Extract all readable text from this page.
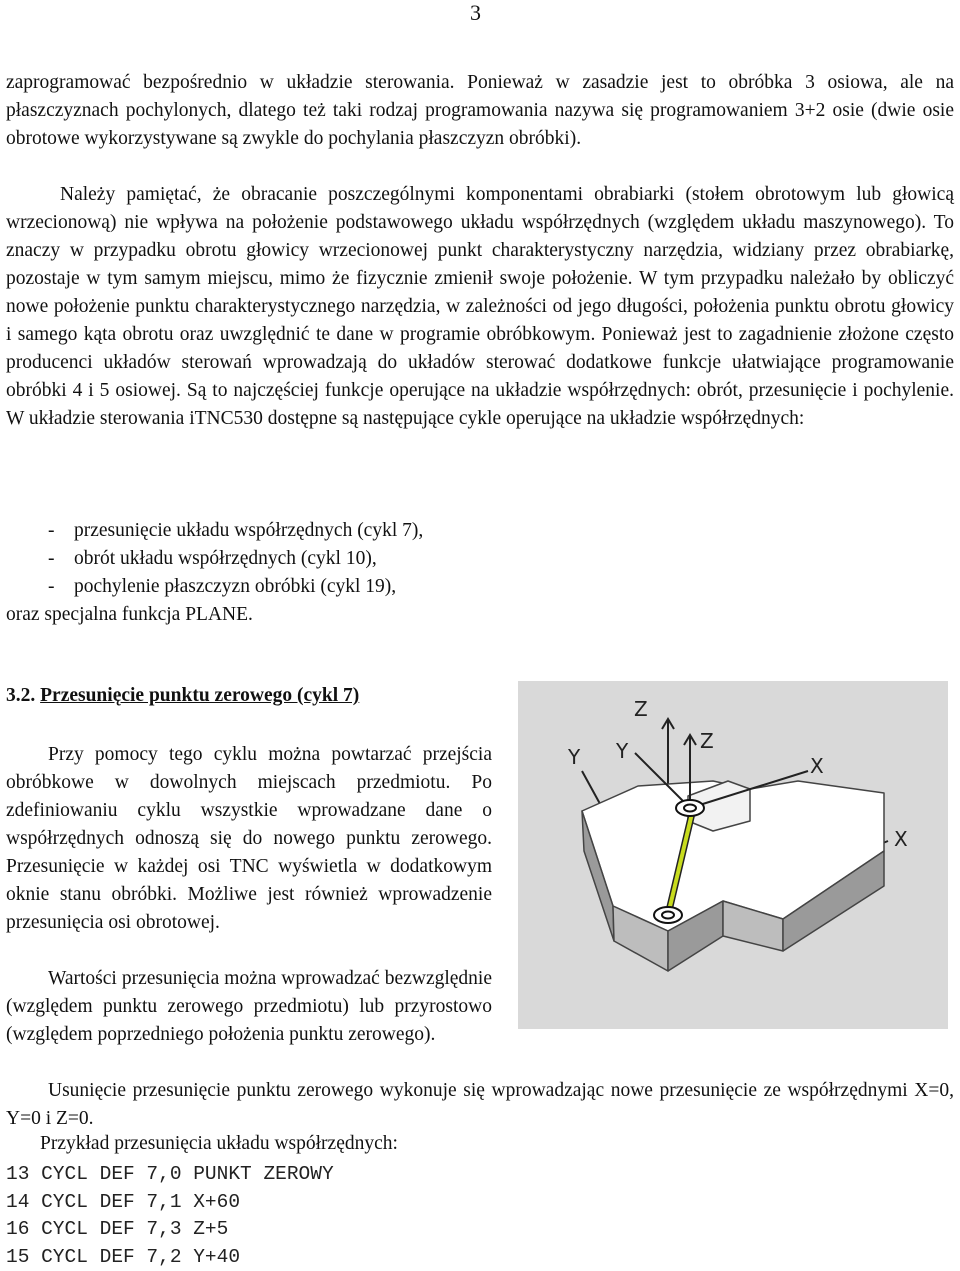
3

zaprogramować bezpośrednio w układzie sterowania. Ponieważ w zasadzie jest to obróbka 3 osiowa, ale na płaszczyznach pochylonych, dlatego też taki rodzaj programowania nazywa się programowaniem 3+2 osie (dwie osie obrotowe wykorzystywane są zwykle do pochylania płaszczyzn obróbki).

Należy pamiętać, że obracanie poszczególnymi komponentami obrabiarki (stołem obrotowym lub głowicą wrzecionową) nie wpływa na położenie podstawowego układu współrzędnych (względem układu maszynowego). To znaczy w przypadku obrotu głowicy wrzecionowej punkt charakterystyczny narzędzia, widziany przez obrabiarkę, pozostaje w tym samym miejscu, mimo że fizycznie zmienił swoje położenie. W tym przypadku należało by obliczyć nowe położenie punktu charakterystycznego narzędzia, w zależności od jego długości, położenia punktu obrotu głowicy i samego kąta obrotu oraz uwzględnić te dane w programie obróbkowym. Ponieważ jest to zagadnienie złożone często producenci układów sterowań wprowadzają do układów sterować dodatkowe funkcje ułatwiające programowanie obróbki 4 i 5 osiowej. Są to najczęściej funkcje operujące na układzie współrzędnych: obrót, przesunięcie i pochylenie. W układzie sterowania iTNC530 dostępne są następujące cykle operujące na układzie współrzędnych:

- przesunięcie układu współrzędnych (cykl 7),
- obrót układu współrzędnych (cykl 10),
- pochylenie płaszczyzn obróbki (cykl 19),
oraz specjalna funkcja PLANE.
3.2. Przesunięcie punktu zerowego (cykl 7)

Przy pomocy tego cyklu można powtarzać przejścia obróbkowe w dowolnych miejscach przedmiotu. Po zdefiniowaniu cyklu wszystkie wprowadzane dane o współrzędnych odnoszą się do nowego punktu zerowego. Przesunięcie w każdej osi TNC wyświetla w dodatkowym oknie stanu obróbki. Możliwe jest również wprowadzenie przesunięcia osi obrotowej.

Wartości przesunięcia można wprowadzać bezwzględnie (względem punktu zerowego przedmiotu) lub przyrostowo (względem poprzedniego położenia punktu zerowego).

Z
Y Y	Z
X
X

Usunięcie przesunięcie punktu zerowego wykonuje się wprowadzając nowe przesunięcie ze współrzędnymi X=0, Y=0 i Z=0.

Przykład przesunięcia układu współrzędnych:
13 CYCL DEF 7,0 PUNKT ZEROWY
14 CYCL DEF 7,1 X+60
16 CYCL DEF 7,3 Z+5
15 CYCL DEF 7,2 Y+40
